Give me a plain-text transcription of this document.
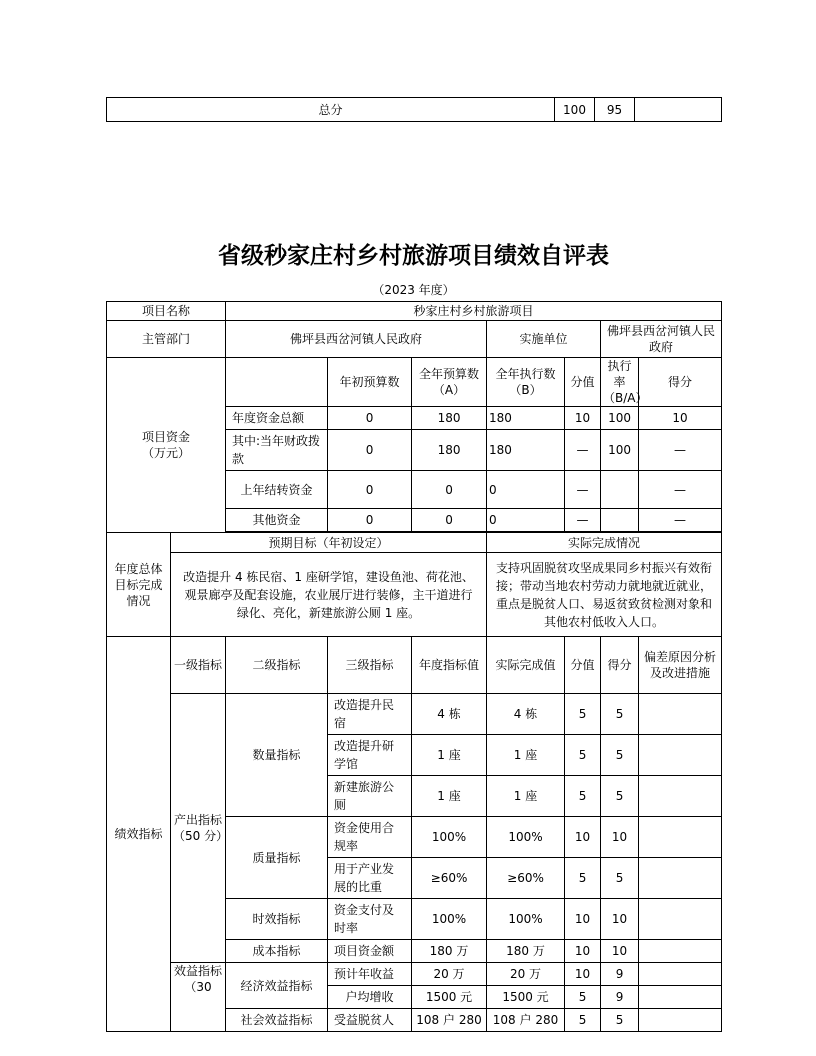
总分	100	95	
省级秒家庄村乡村旅游项目绩效自评表
（2023 年度）
项目名称		秒家庄村乡村旅游项目						
主管部门		佛坪县西岔河镇人民政府			实施单位		佛坪县西岔河镇人民政府	
项目资金
（万元）			年初预算数	全年预算数（A）	全年执行数（B）	分值	执行率（B/A）	得分
		年度资金总额	0	180	180	10	100	10
		其中:当年财政拨款	0	180	180	—	100	—
		上年结转资金	0	0	0	—		—
		其他资金	0	0	0	—		—

年度总体目标完成情况	预期目标（年初设定）				实际完成情况			
	改造提升 4 栋民宿、1 座研学馆，建设鱼池、荷花池、观景廊亭及配套设施，农业展厅进行装修，主干道进行绿化、亮化，新建旅游公厕 1 座。				支持巩固脱贫攻坚成果同乡村振兴有效衔接；带动当地农村劳动力就地就近就业，重点是脱贫人口、易返贫致贫检测对象和其他农村低收入人口。			
绩效指标	一级指标	二级指标	三级指标	年度指标值	实际完成值	分值	得分	偏差原因分析及改进措施
	产出指标（50 分）	数量指标	改造提升民宿	4 栋	4 栋	5	5	
			改造提升研学馆	1 座	1 座	5	5	
			新建旅游公厕	1 座	1 座	5	5	
		质量指标	资金使用合规率	100%	100%	10	10	
			用于产业发展的比重	≥60%	≥60%	5	5	
		时效指标	资金支付及时率	100%	100%	10	10	
		成本指标	项目资金额	180 万	180 万	10	10	
	效益指标（30	经济效益指标	预计年收益	20 万	20 万	10	9	
			户均增收	1500 元	1500 元	5	9	
		社会效益指标	受益脱贫人	108 户 280	108 户 280	5	5	
